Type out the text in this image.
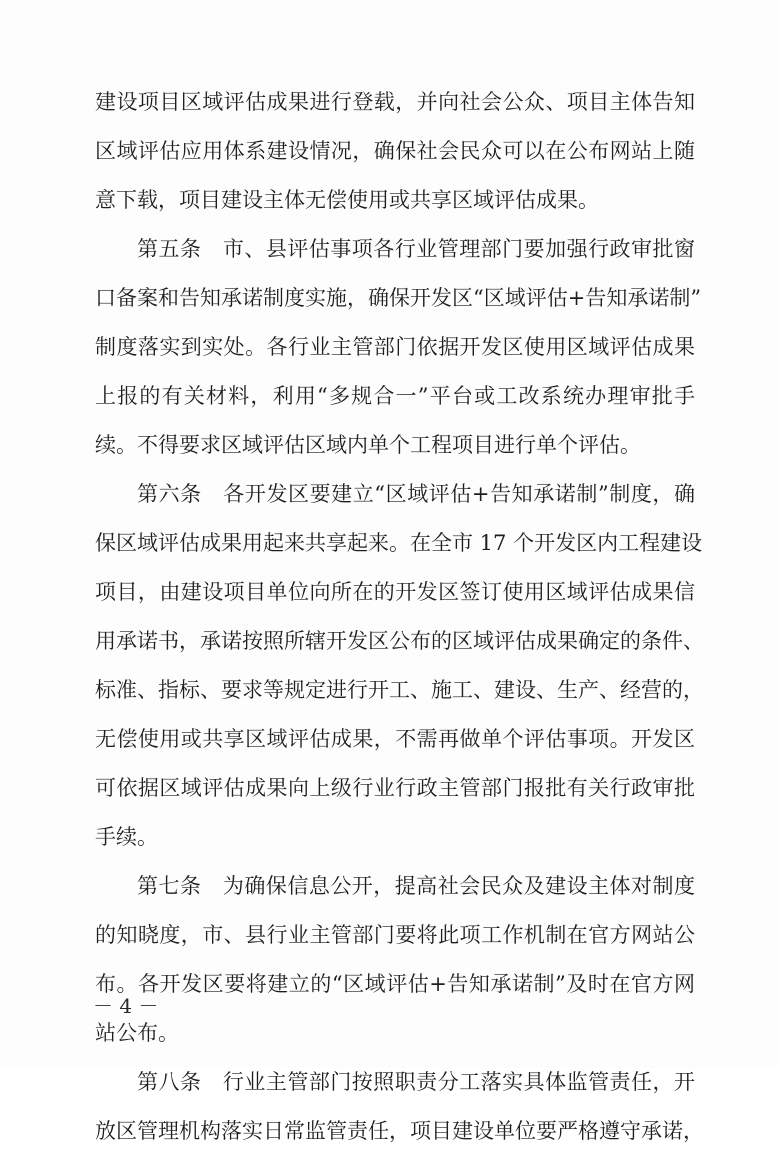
建设项目区域评估成果进行登载，并向社会公众、项目主体告知
区域评估应用体系建设情况，确保社会民众可以在公布网站上随
意下载，项目建设主体无偿使用或共享区域评估成果。
第五条　市、县评估事项各行业管理部门要加强行政审批窗
口备案和告知承诺制度实施，确保开发区“区域评估+告知承诺制”
制度落实到实处。各行业主管部门依据开发区使用区域评估成果
上报的有关材料，利用“多规合一”平台或工改系统办理审批手
续。不得要求区域评估区域内单个工程项目进行单个评估。
第六条　各开发区要建立“区域评估+告知承诺制”制度，确
保区域评估成果用起来共享起来。在全市 17 个开发区内工程建设
项目，由建设项目单位向所在的开发区签订使用区域评估成果信
用承诺书，承诺按照所辖开发区公布的区域评估成果确定的条件、
标准、指标、要求等规定进行开工、施工、建设、生产、经营的，
无偿使用或共享区域评估成果，不需再做单个评估事项。开发区
可依据区域评估成果向上级行业行政主管部门报批有关行政审批
手续。
第七条　为确保信息公开，提高社会民众及建设主体对制度
的知晓度，市、县行业主管部门要将此项工作机制在官方网站公
布。各开发区要将建立的“区域评估+告知承诺制”及时在官方网
站公布。
第八条　行业主管部门按照职责分工落实具体监管责任，开
放区管理机构落实日常监管责任，项目建设单位要严格遵守承诺，
－ 4 －
